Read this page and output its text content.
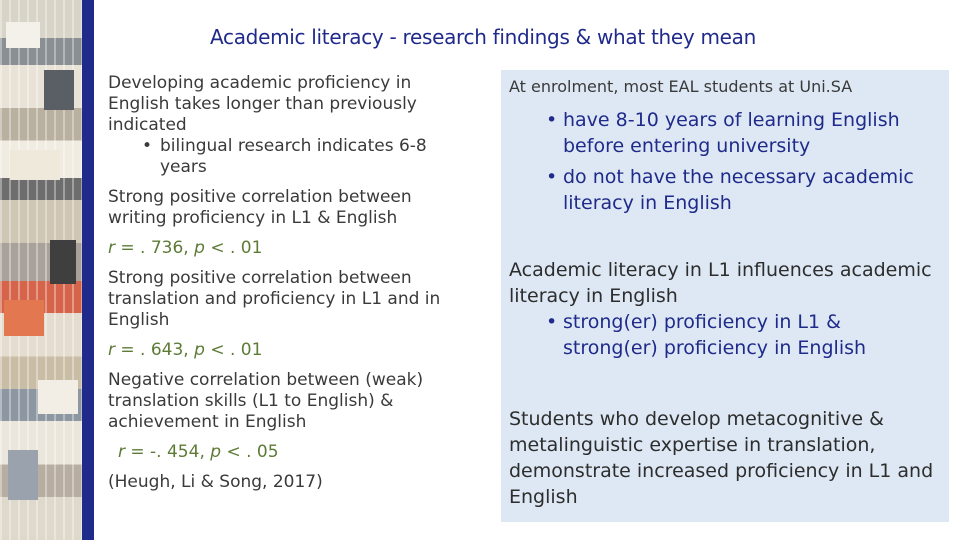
Academic literacy - research findings & what they mean
Developing academic proficiency in English takes longer than previously indicated
• bilingual research indicates 6-8 years
Strong positive correlation between writing proficiency in L1 & English
r = . 736, p < . 01
Strong positive correlation between translation and proficiency in L1 and in English
r = . 643, p < . 01
Negative correlation between (weak) translation skills (L1 to English) & achievement in English
r = -. 454, p < . 05
(Heugh, Li & Song, 2017)
At enrolment, most EAL students at Uni.SA
• have 8-10 years of learning English before entering university
• do not have the necessary academic literacy in English

Academic literacy in L1 influences academic literacy in English

• strong(er) proficiency in L1 & strong(er) proficiency in English

Students who develop metacognitive & metalinguistic expertise in translation, demonstrate increased proficiency in L1 and English
